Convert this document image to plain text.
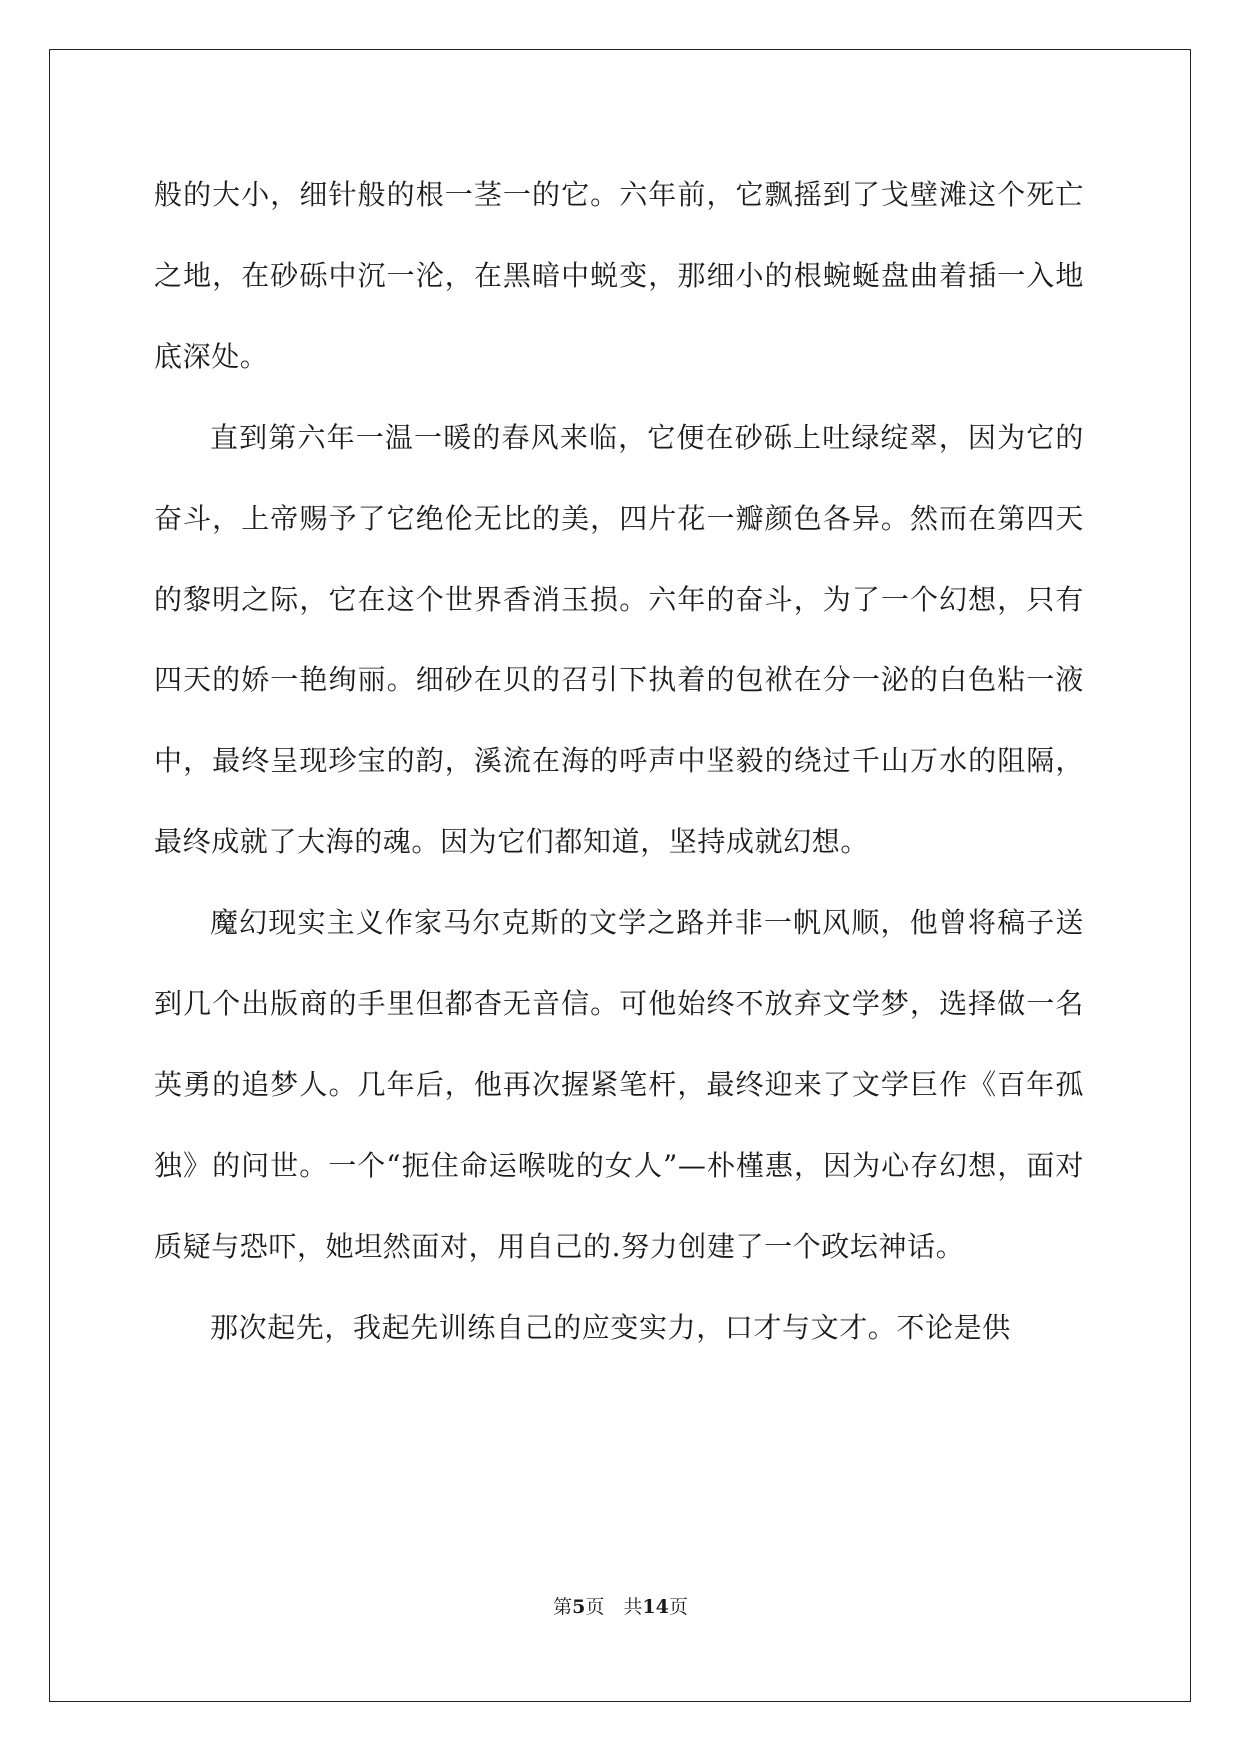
般的大小，细针般的根一茎一的它。六年前，它飘摇到了戈壁滩这个死亡之地，在砂砾中沉一沦，在黑暗中蜕变，那细小的根蜿蜒盘曲着插一入地底深处。

直到第六年一温一暖的春风来临，它便在砂砾上吐绿绽翠，因为它的奋斗，上帝赐予了它绝伦无比的美，四片花一瓣颜色各异。然而在第四天的黎明之际，它在这个世界香消玉损。六年的奋斗，为了一个幻想，只有四天的娇一艳绚丽。细砂在贝的召引下执着的包袱在分一泌的白色粘一液中，最终呈现珍宝的韵，溪流在海的呼声中坚毅的绕过千山万水的阻隔，最终成就了大海的魂。因为它们都知道，坚持成就幻想。

魔幻现实主义作家马尔克斯的文学之路并非一帆风顺，他曾将稿子送到几个出版商的手里但都杳无音信。可他始终不放弃文学梦，选择做一名英勇的追梦人。几年后，他再次握紧笔杆，最终迎来了文学巨作《百年孤独》的问世。一个“扼住命运喉咙的女人”—朴槿惠，因为心存幻想，面对质疑与恐吓，她坦然面对，用自己的.努力创建了一个政坛神话。

那次起先，我起先训练自己的应变实力，口才与文才。不论是供

第5页　共14页
